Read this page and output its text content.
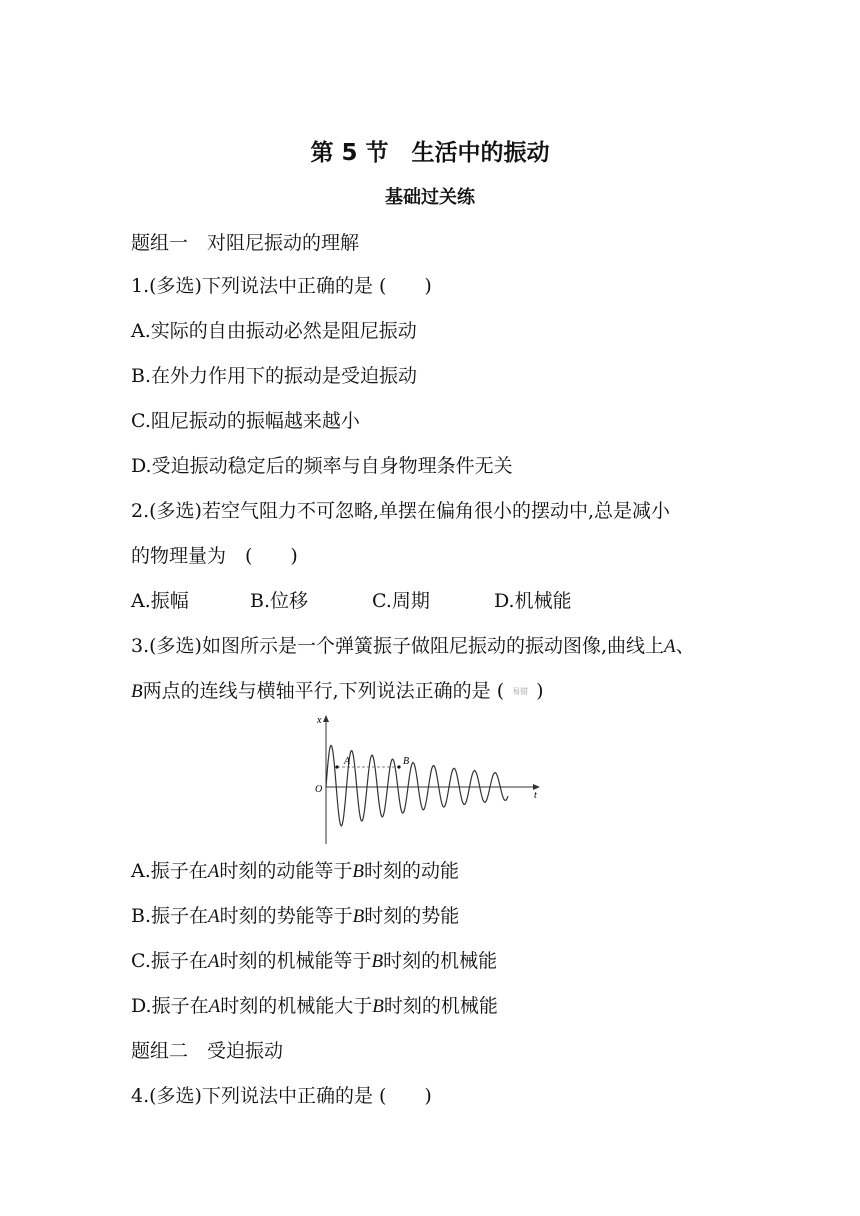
第 5 节　生活中的振动
基础过关练
题组一　对阻尼振动的理解
1.(多选)下列说法中正确的是 (　　)
A.实际的自由振动必然是阻尼振动
B.在外力作用下的振动是受迫振动
C.阻尼振动的振幅越来越小
D.受迫振动稳定后的频率与自身物理条件无关
2.(多选)若空气阻力不可忽略,单摆在偏角很小的摆动中,总是减小
的物理量为　(　　)
A.振幅	B.位移	C.周期	D.机械能
3.(多选)如图所示是一个弹簧振子做阻尼振动的振动图像,曲线上A、
B两点的连线与横轴平行,下列说法正确的是 ( 易错 )
x
t
O
A	B
A.振子在A时刻的动能等于B时刻的动能
B.振子在A时刻的势能等于B时刻的势能
C.振子在A时刻的机械能等于B时刻的机械能
D.振子在A时刻的机械能大于B时刻的机械能
题组二　受迫振动
4.(多选)下列说法中正确的是 (　　)
